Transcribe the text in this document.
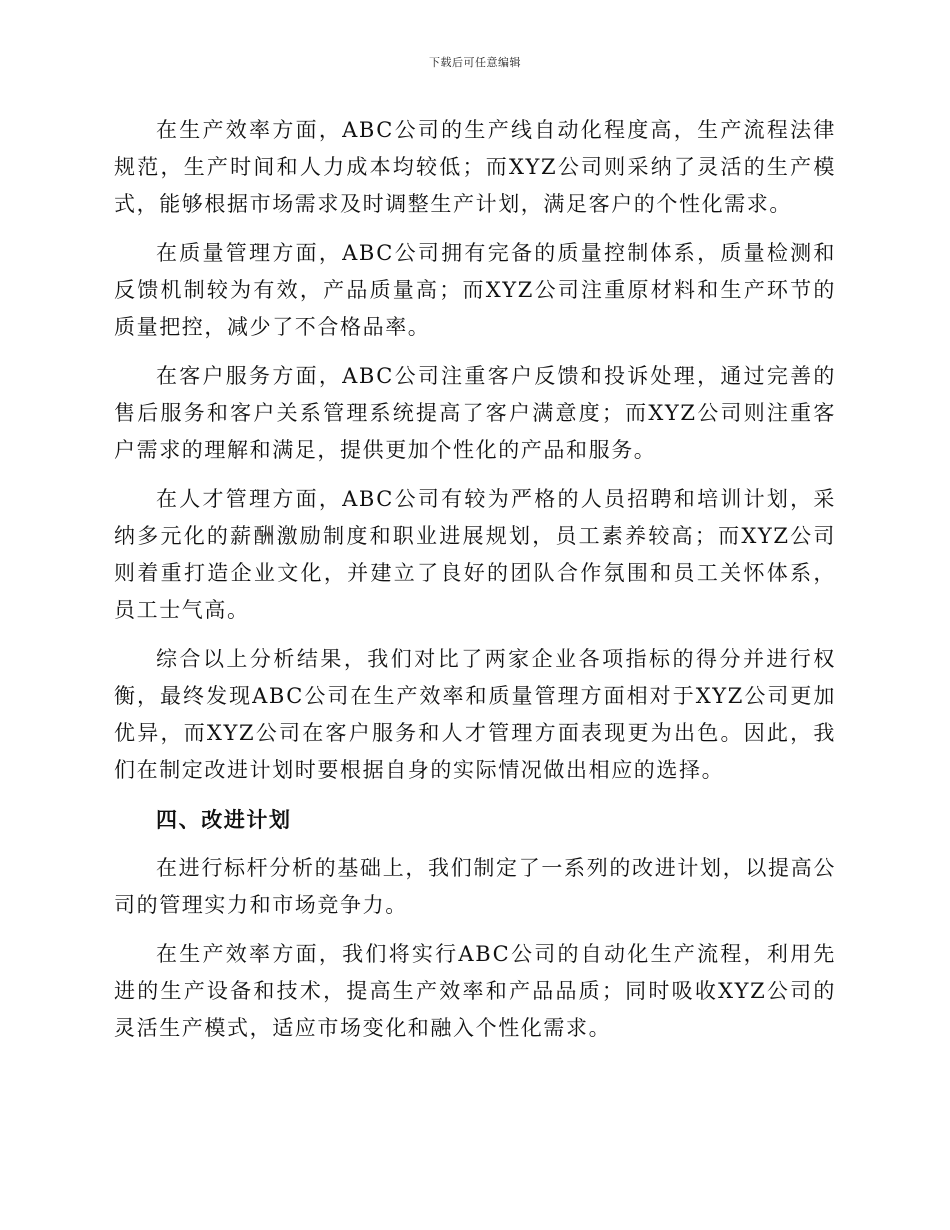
下载后可任意编辑

在生产效率方面，ABC公司的生产线自动化程度高，生产流程法律规范，生产时间和人力成本均较低；而XYZ公司则采纳了灵活的生产模式，能够根据市场需求及时调整生产计划，满足客户的个性化需求。

在质量管理方面，ABC公司拥有完备的质量控制体系，质量检测和反馈机制较为有效，产品质量高；而XYZ公司注重原材料和生产环节的质量把控，减少了不合格品率。

在客户服务方面，ABC公司注重客户反馈和投诉处理，通过完善的售后服务和客户关系管理系统提高了客户满意度；而XYZ公司则注重客户需求的理解和满足，提供更加个性化的产品和服务。

在人才管理方面，ABC公司有较为严格的人员招聘和培训计划，采纳多元化的薪酬激励制度和职业进展规划，员工素养较高；而XYZ公司则着重打造企业文化，并建立了良好的团队合作氛围和员工关怀体系，员工士气高。

综合以上分析结果，我们对比了两家企业各项指标的得分并进行权衡，最终发现ABC公司在生产效率和质量管理方面相对于XYZ公司更加优异，而XYZ公司在客户服务和人才管理方面表现更为出色。因此，我们在制定改进计划时要根据自身的实际情况做出相应的选择。

四、改进计划

在进行标杆分析的基础上，我们制定了一系列的改进计划，以提高公司的管理实力和市场竞争力。

在生产效率方面，我们将实行ABC公司的自动化生产流程，利用先进的生产设备和技术，提高生产效率和产品品质；同时吸收XYZ公司的灵活生产模式，适应市场变化和融入个性化需求。
